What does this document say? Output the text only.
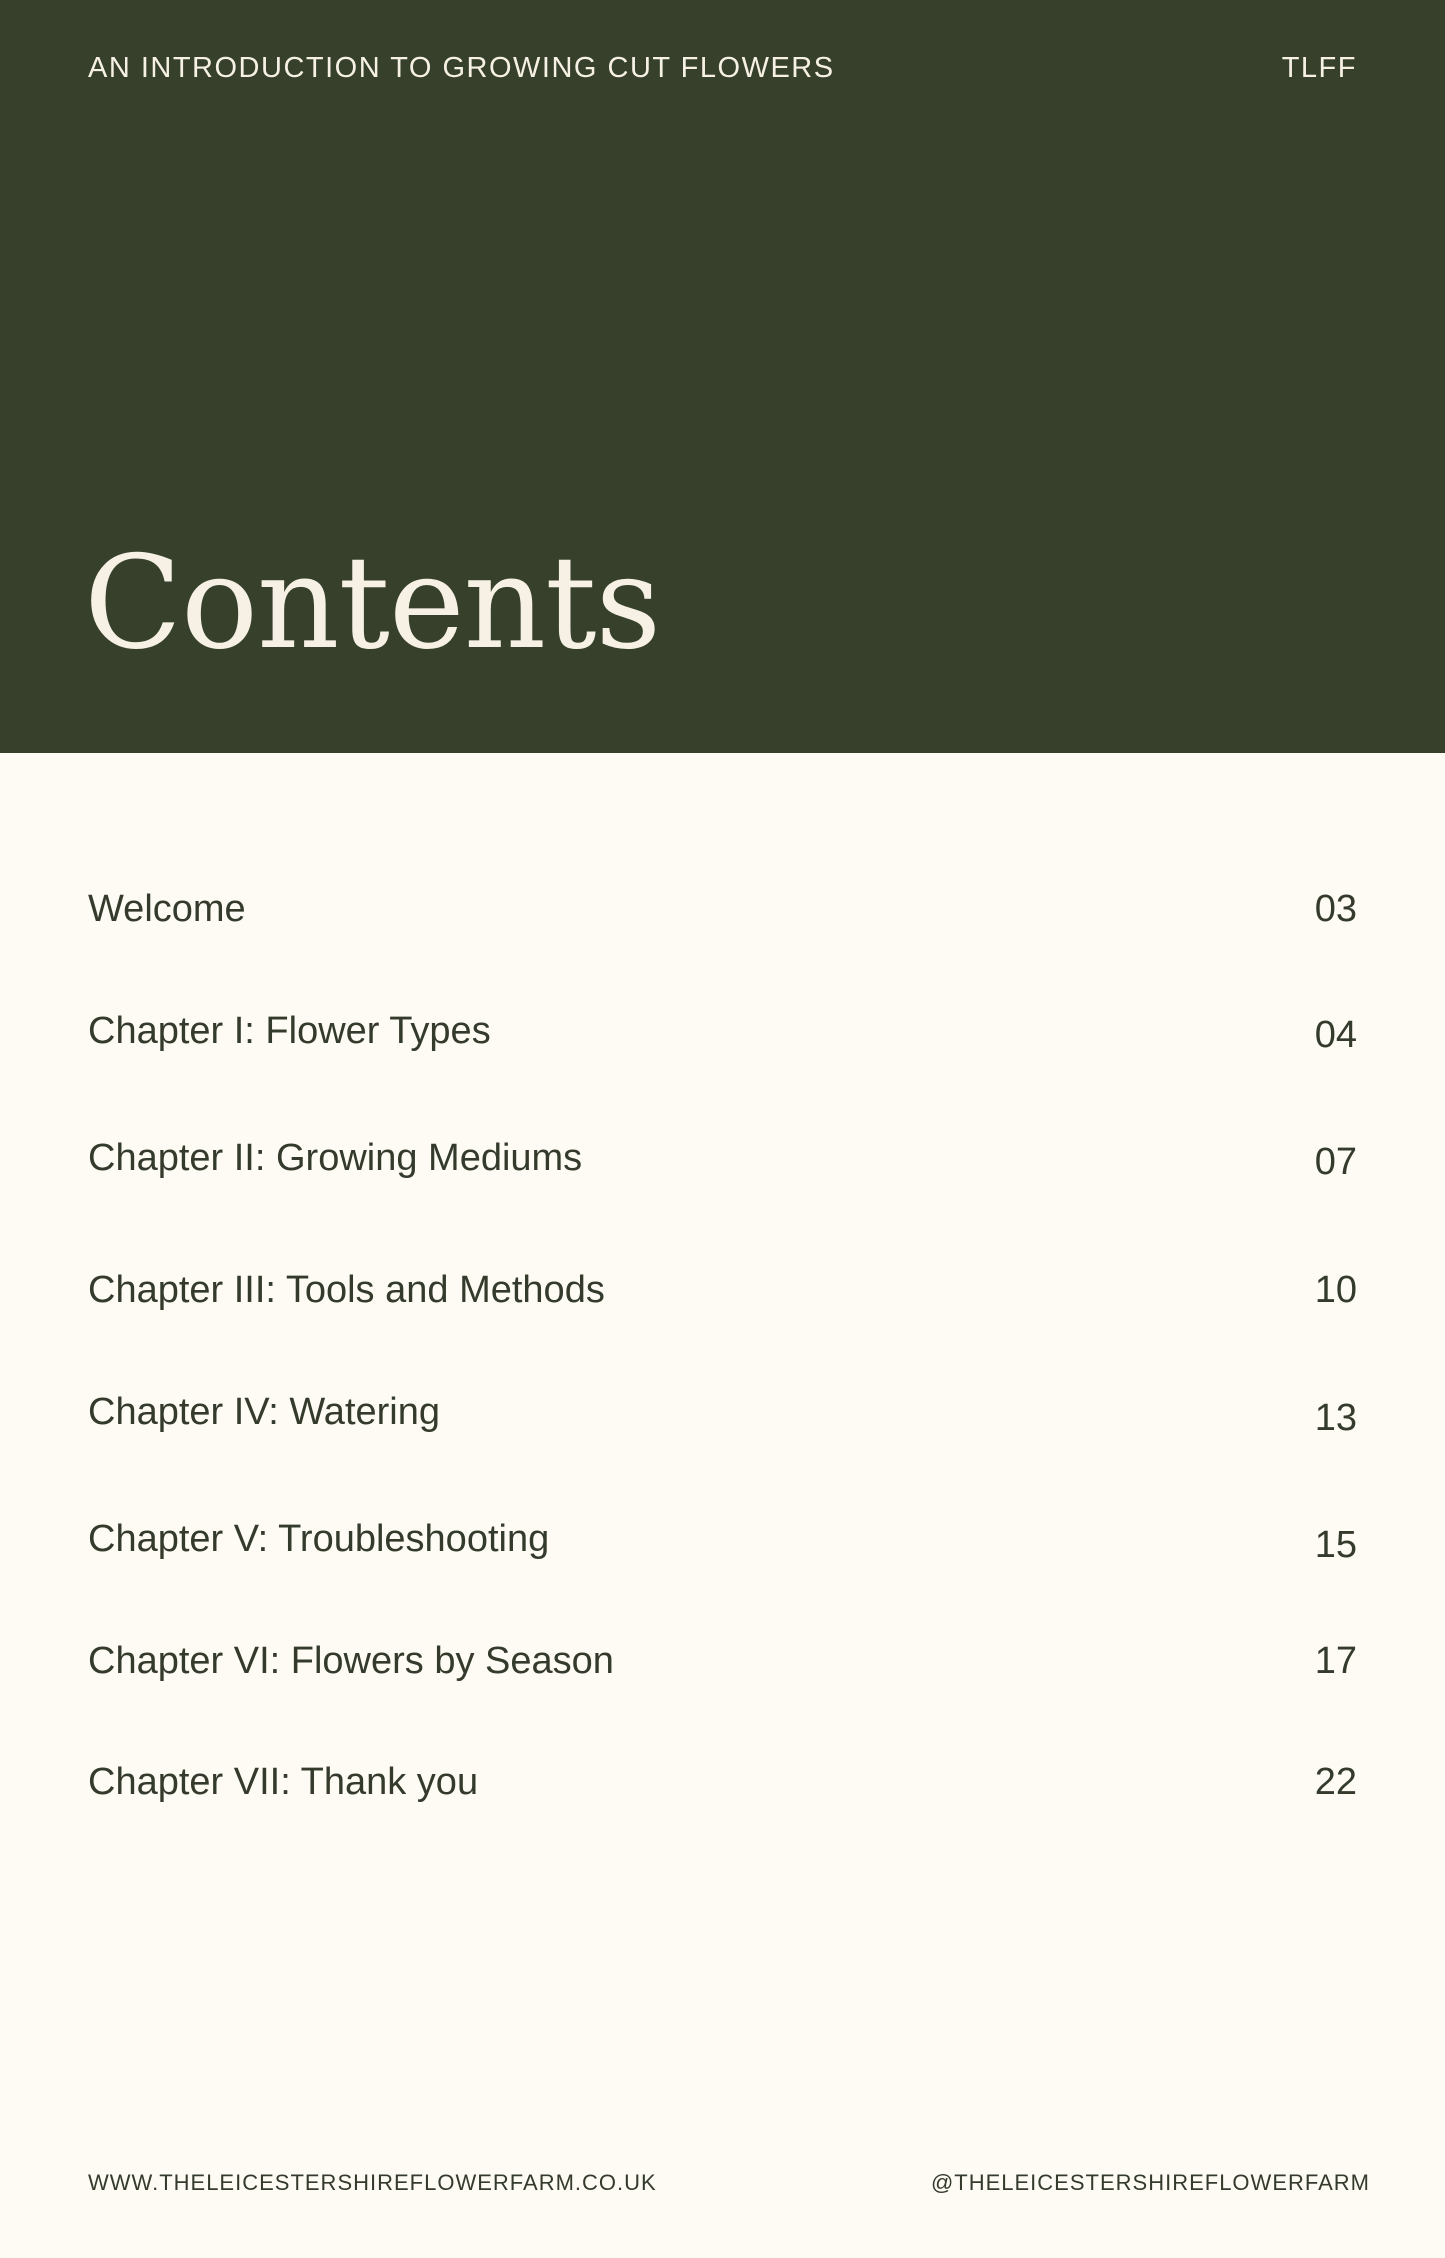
AN INTRODUCTION TO GROWING CUT FLOWERS	TLFF
Contents
Welcome	03
Chapter I: Flower Types	04
Chapter II: Growing Mediums	07
Chapter III: Tools and Methods	10
Chapter IV: Watering	13
Chapter V: Troubleshooting	15
Chapter VI: Flowers by Season	17
Chapter VII: Thank you	22
WWW.THELEICESTERSHIREFLOWERFARM.CO.UK	@THELEICESTERSHIREFLOWERFARM
